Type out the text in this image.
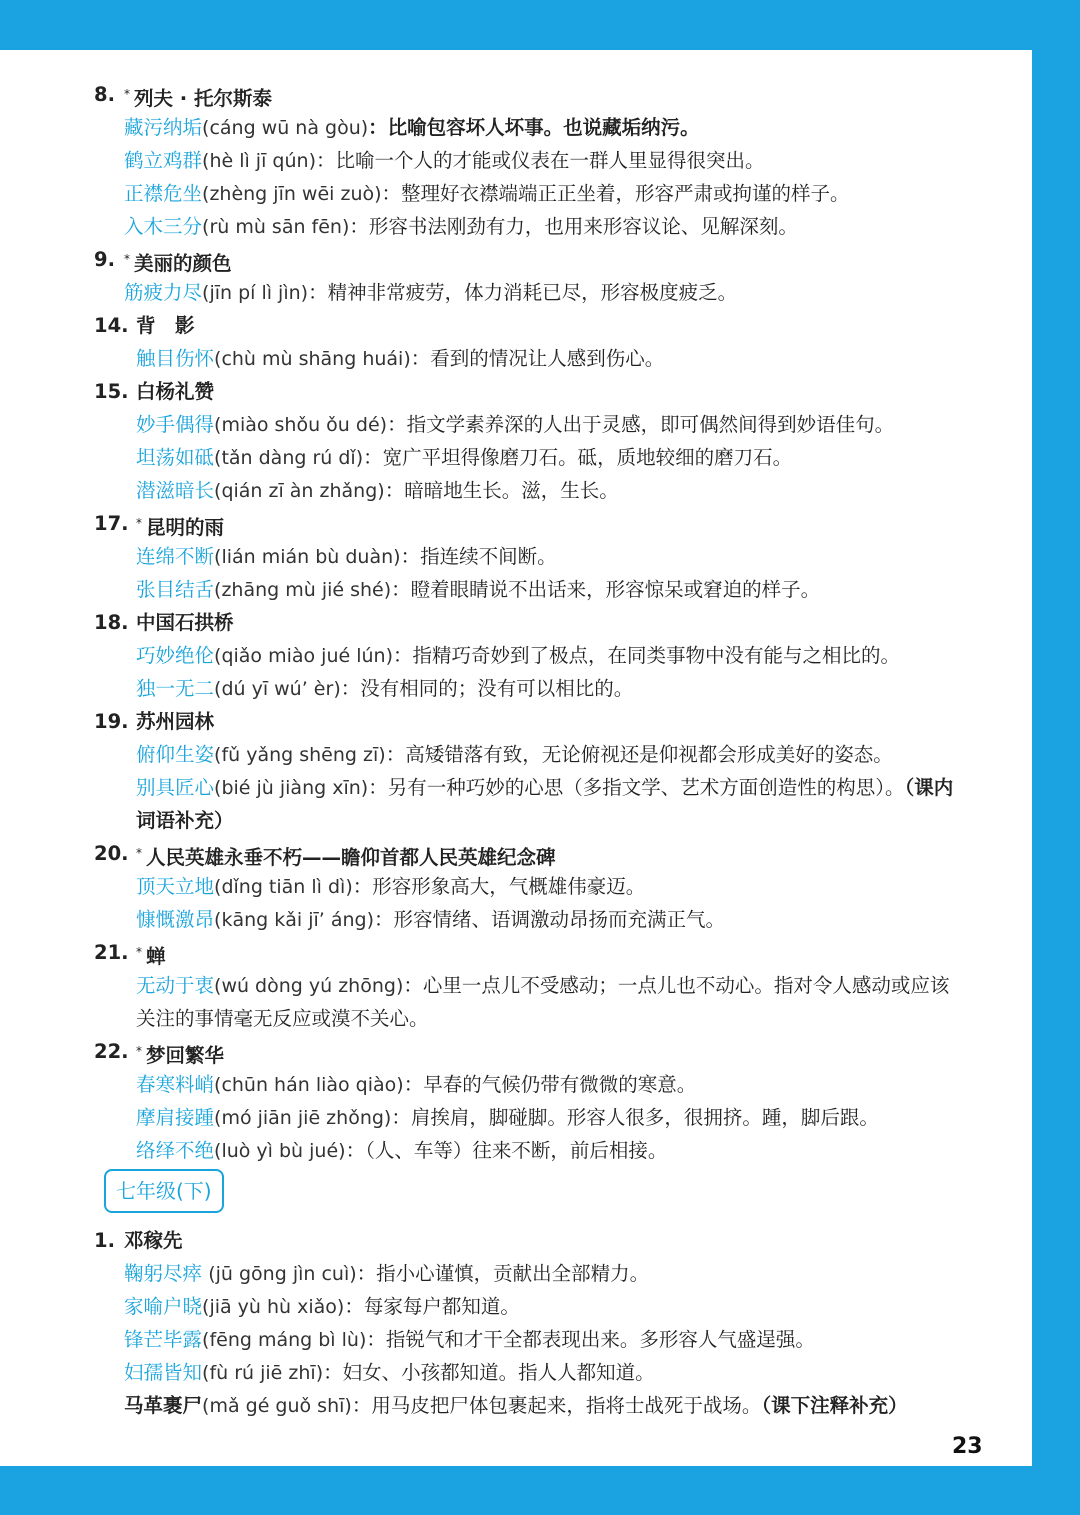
8. * 列夫 · 托尔斯泰
藏污纳垢(cáng wū nà gòu)：比喻包容坏人坏事。也说藏垢纳污。
鹤立鸡群(hè lì jī qún)：比喻一个人的才能或仪表在一群人里显得很突出。
正襟危坐(zhèng jīn wēi zuò)：整理好衣襟端端正正坐着，形容严肃或拘谨的样子。
入木三分(rù mù sān fēn)：形容书法刚劲有力，也用来形容议论、见解深刻。
9. * 美丽的颜色
筋疲力尽(jīn pí lì jìn)：精神非常疲劳，体力消耗已尽，形容极度疲乏。
14. 背　影
触目伤怀(chù mù shāng huái)：看到的情况让人感到伤心。
15. 白杨礼赞
妙手偶得(miào shǒu ǒu dé)：指文学素养深的人出于灵感，即可偶然间得到妙语佳句。
坦荡如砥(tǎn dàng rú dǐ)：宽广平坦得像磨刀石。砥，质地较细的磨刀石。
潜滋暗长(qián zī àn zhǎng)：暗暗地生长。滋，生长。
17. * 昆明的雨
连绵不断(lián mián bù duàn)：指连续不间断。
张目结舌(zhāng mù jié shé)：瞪着眼睛说不出话来，形容惊呆或窘迫的样子。
18. 中国石拱桥
巧妙绝伦(qiǎo miào jué lún)：指精巧奇妙到了极点，在同类事物中没有能与之相比的。
独一无二(dú yī wú’ èr)：没有相同的；没有可以相比的。
19. 苏州园林
俯仰生姿(fǔ yǎng shēng zī)：高矮错落有致，无论俯视还是仰视都会形成美好的姿态。
别具匠心(bié jù jiàng xīn)：另有一种巧妙的心思（多指文学、艺术方面创造性的构思）。（课内
词语补充）
20. * 人民英雄永垂不朽——瞻仰首都人民英雄纪念碑
顶天立地(dǐng tiān lì dì)：形容形象高大，气概雄伟豪迈。
慷慨激昂(kāng kǎi jī’ áng)：形容情绪、语调激动昂扬而充满正气。
21. * 蝉
无动于衷(wú dòng yú zhōng)：心里一点儿不受感动；一点儿也不动心。指对令人感动或应该
关注的事情毫无反应或漠不关心。
22. * 梦回繁华
春寒料峭(chūn hán liào qiào)：早春的气候仍带有微微的寒意。
摩肩接踵(mó jiān jiē zhǒng)：肩挨肩，脚碰脚。形容人很多，很拥挤。踵，脚后跟。
络绎不绝(luò yì bù jué)：（人、车等）往来不断，前后相接。
七年级(下)
1. 邓稼先
鞠躬尽瘁 (jū gōng jìn cuì)：指小心谨慎，贡献出全部精力。
家喻户晓(jiā yù hù xiǎo)：每家每户都知道。
锋芒毕露(fēng máng bì lù)：指锐气和才干全都表现出来。多形容人气盛逞强。
妇孺皆知(fù rú jiē zhī)：妇女、小孩都知道。指人人都知道。
马革裹尸(mǎ gé guǒ shī)：用马皮把尸体包裹起来，指将士战死于战场。（课下注释补充）
23
